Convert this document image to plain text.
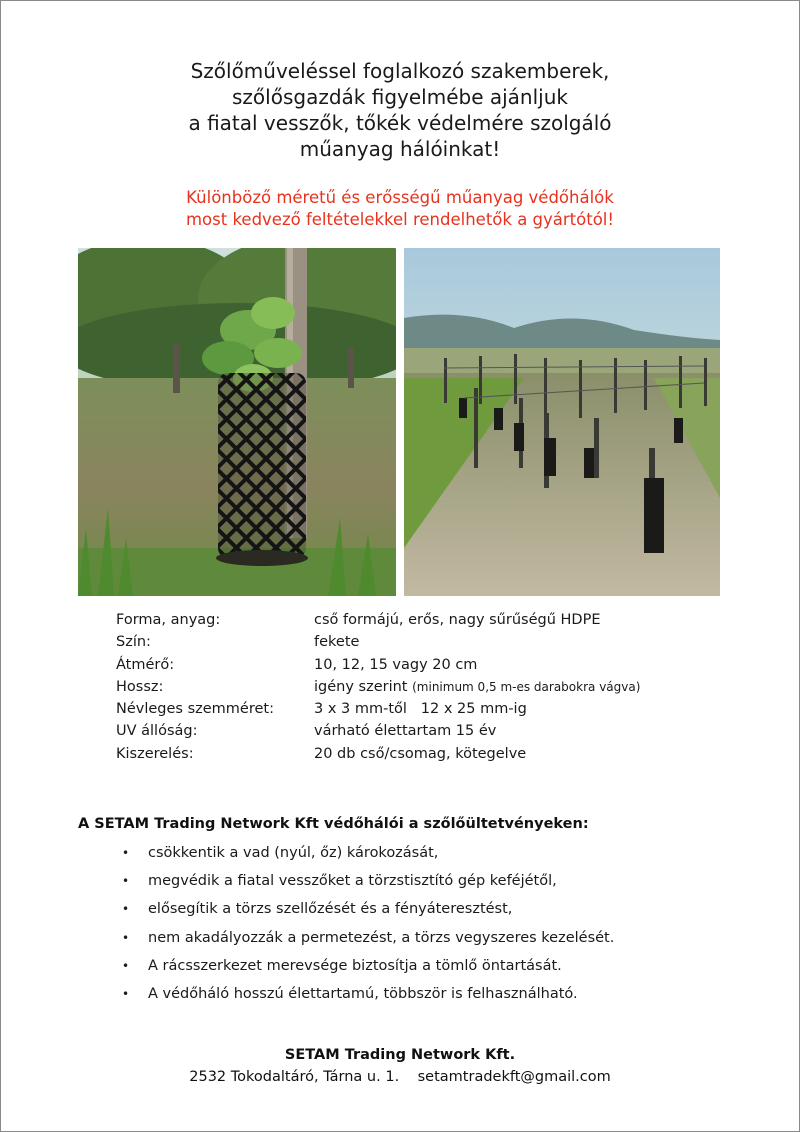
Szőlőműveléssel foglalkozó szakemberek,
szőlősgazdák figyelmébe ajánljuk
a fiatal vesszők, tőkék védelmére szolgáló
műanyag hálóinkat!
Különböző méretű és erősségű műanyag védőhálók
most kedvező feltételekkel rendelhetők a gyártótól!
Forma, anyag:	cső formájú, erős, nagy sűrűségű HDPE
Szín:	fekete
Átmérő:	10, 12, 15 vagy 20 cm
Hossz:	igény szerint (minimum 0,5 m-es darabokra vágva)
Névleges szemméret:	3 x 3 mm-től   12 x 25 mm-ig
UV állóság:	várható élettartam 15 év
Kiszerelés:	20 db cső/csomag, kötegelve
A SETAM Trading Network Kft védőhálói a szőlőültetvényeken:
• csökkentik a vad (nyúl, őz) károkozását,
• megvédik a fiatal vesszőket a törzstisztító gép keféjétől,
• elősegítik a törzs szellőzését és a fényáteresztést,
• nem akadályozzák a permetezést, a törzs vegyszeres kezelését.
• A rácsszerkezet merevsége biztosítja a tömlő öntartását.
• A védőháló hosszú élettartamú, többször is felhasználható.
SETAM Trading Network Kft.
2532 Tokodaltáró, Tárna u. 1. setamtradekft@gmail.com
